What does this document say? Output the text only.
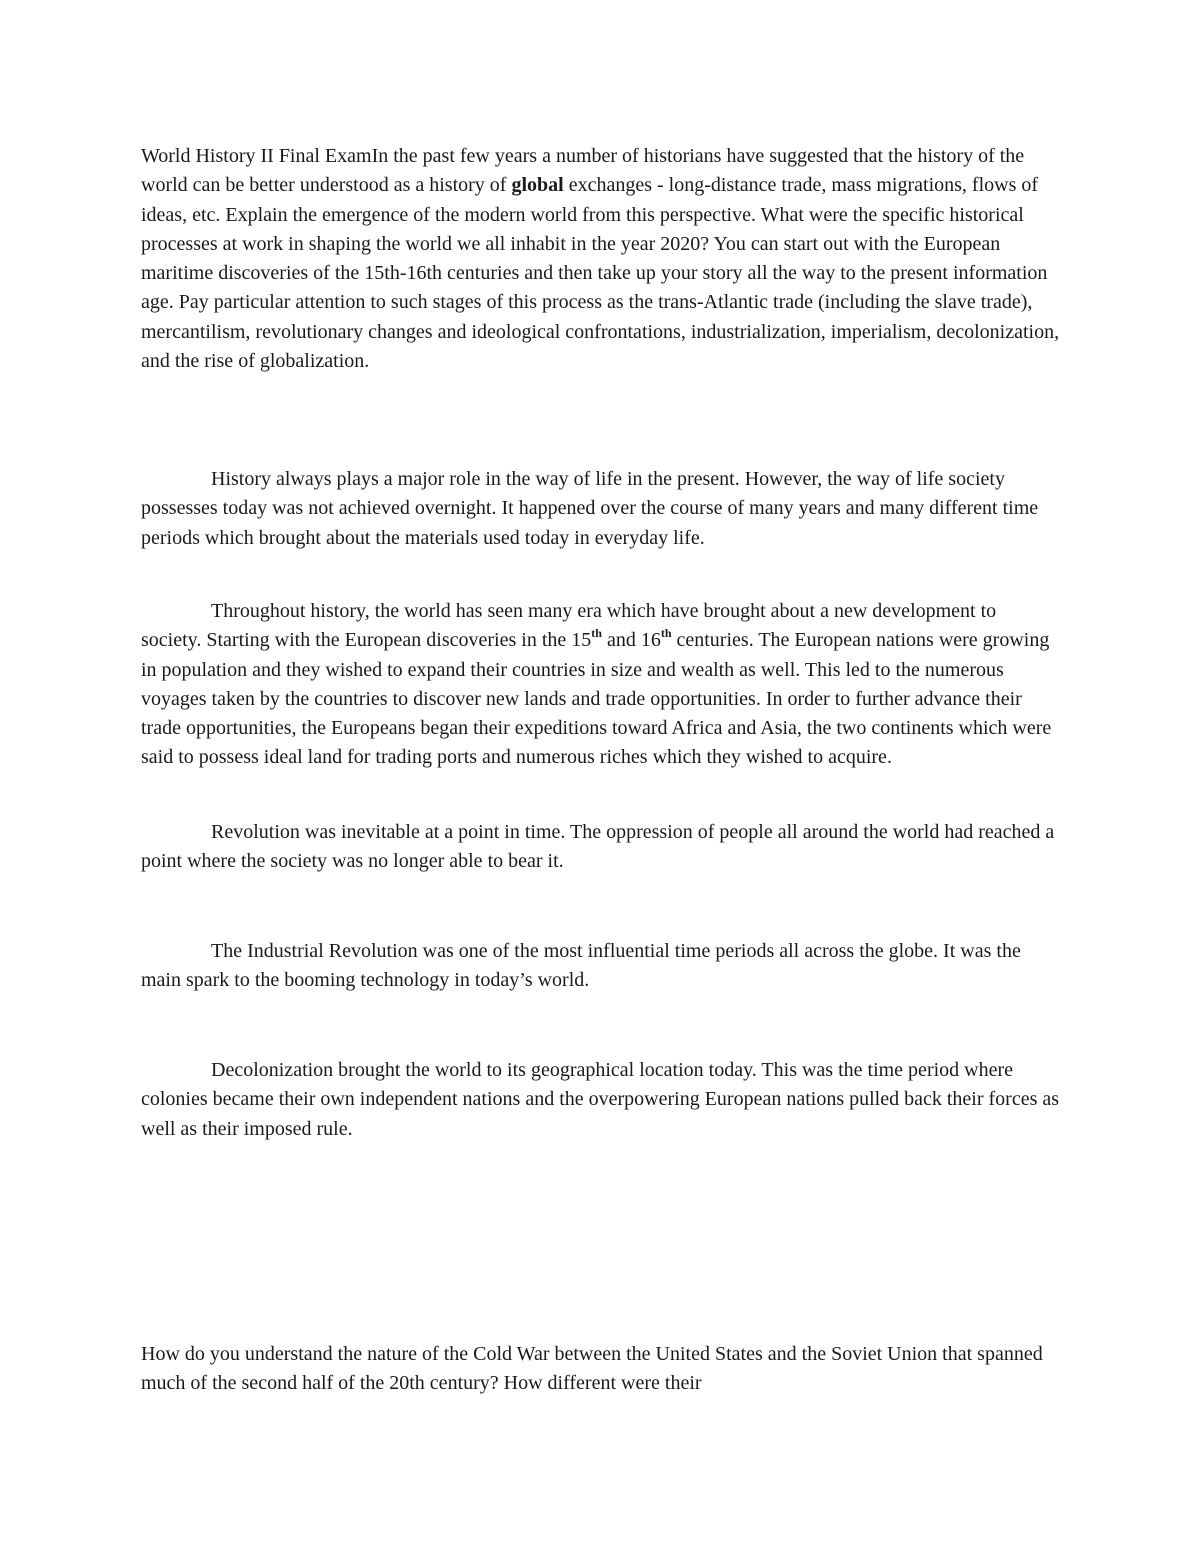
World History II Final ExamIn the past few years a number of historians have suggested that the history of the world can be better understood as a history of global exchanges - long-distance trade, mass migrations, flows of ideas, etc. Explain the emergence of the modern world from this perspective. What were the specific historical processes at work in shaping the world we all inhabit in the year 2020? You can start out with the European maritime discoveries of the 15th-16th centuries and then take up your story all the way to the present information age. Pay particular attention to such stages of this process as the trans-Atlantic trade (including the slave trade), mercantilism, revolutionary changes and ideological confrontations, industrialization, imperialism, decolonization, and the rise of globalization.

History always plays a major role in the way of life in the present. However, the way of life society possesses today was not achieved overnight. It happened over the course of many years and many different time periods which brought about the materials used today in everyday life.

Throughout history, the world has seen many era which have brought about a new development to society. Starting with the European discoveries in the 15th and 16th centuries. The European nations were growing in population and they wished to expand their countries in size and wealth as well. This led to the numerous voyages taken by the countries to discover new lands and trade opportunities. In order to further advance their trade opportunities, the Europeans began their expeditions toward Africa and Asia, the two continents which were said to possess ideal land for trading ports and numerous riches which they wished to acquire.

Revolution was inevitable at a point in time. The oppression of people all around the world had reached a point where the society was no longer able to bear it.

The Industrial Revolution was one of the most influential time periods all across the globe. It was the main spark to the booming technology in today’s world.

Decolonization brought the world to its geographical location today. This was the time period where colonies became their own independent nations and the overpowering European nations pulled back their forces as well as their imposed rule.

How do you understand the nature of the Cold War between the United States and the Soviet Union that spanned much of the second half of the 20th century? How different were their
